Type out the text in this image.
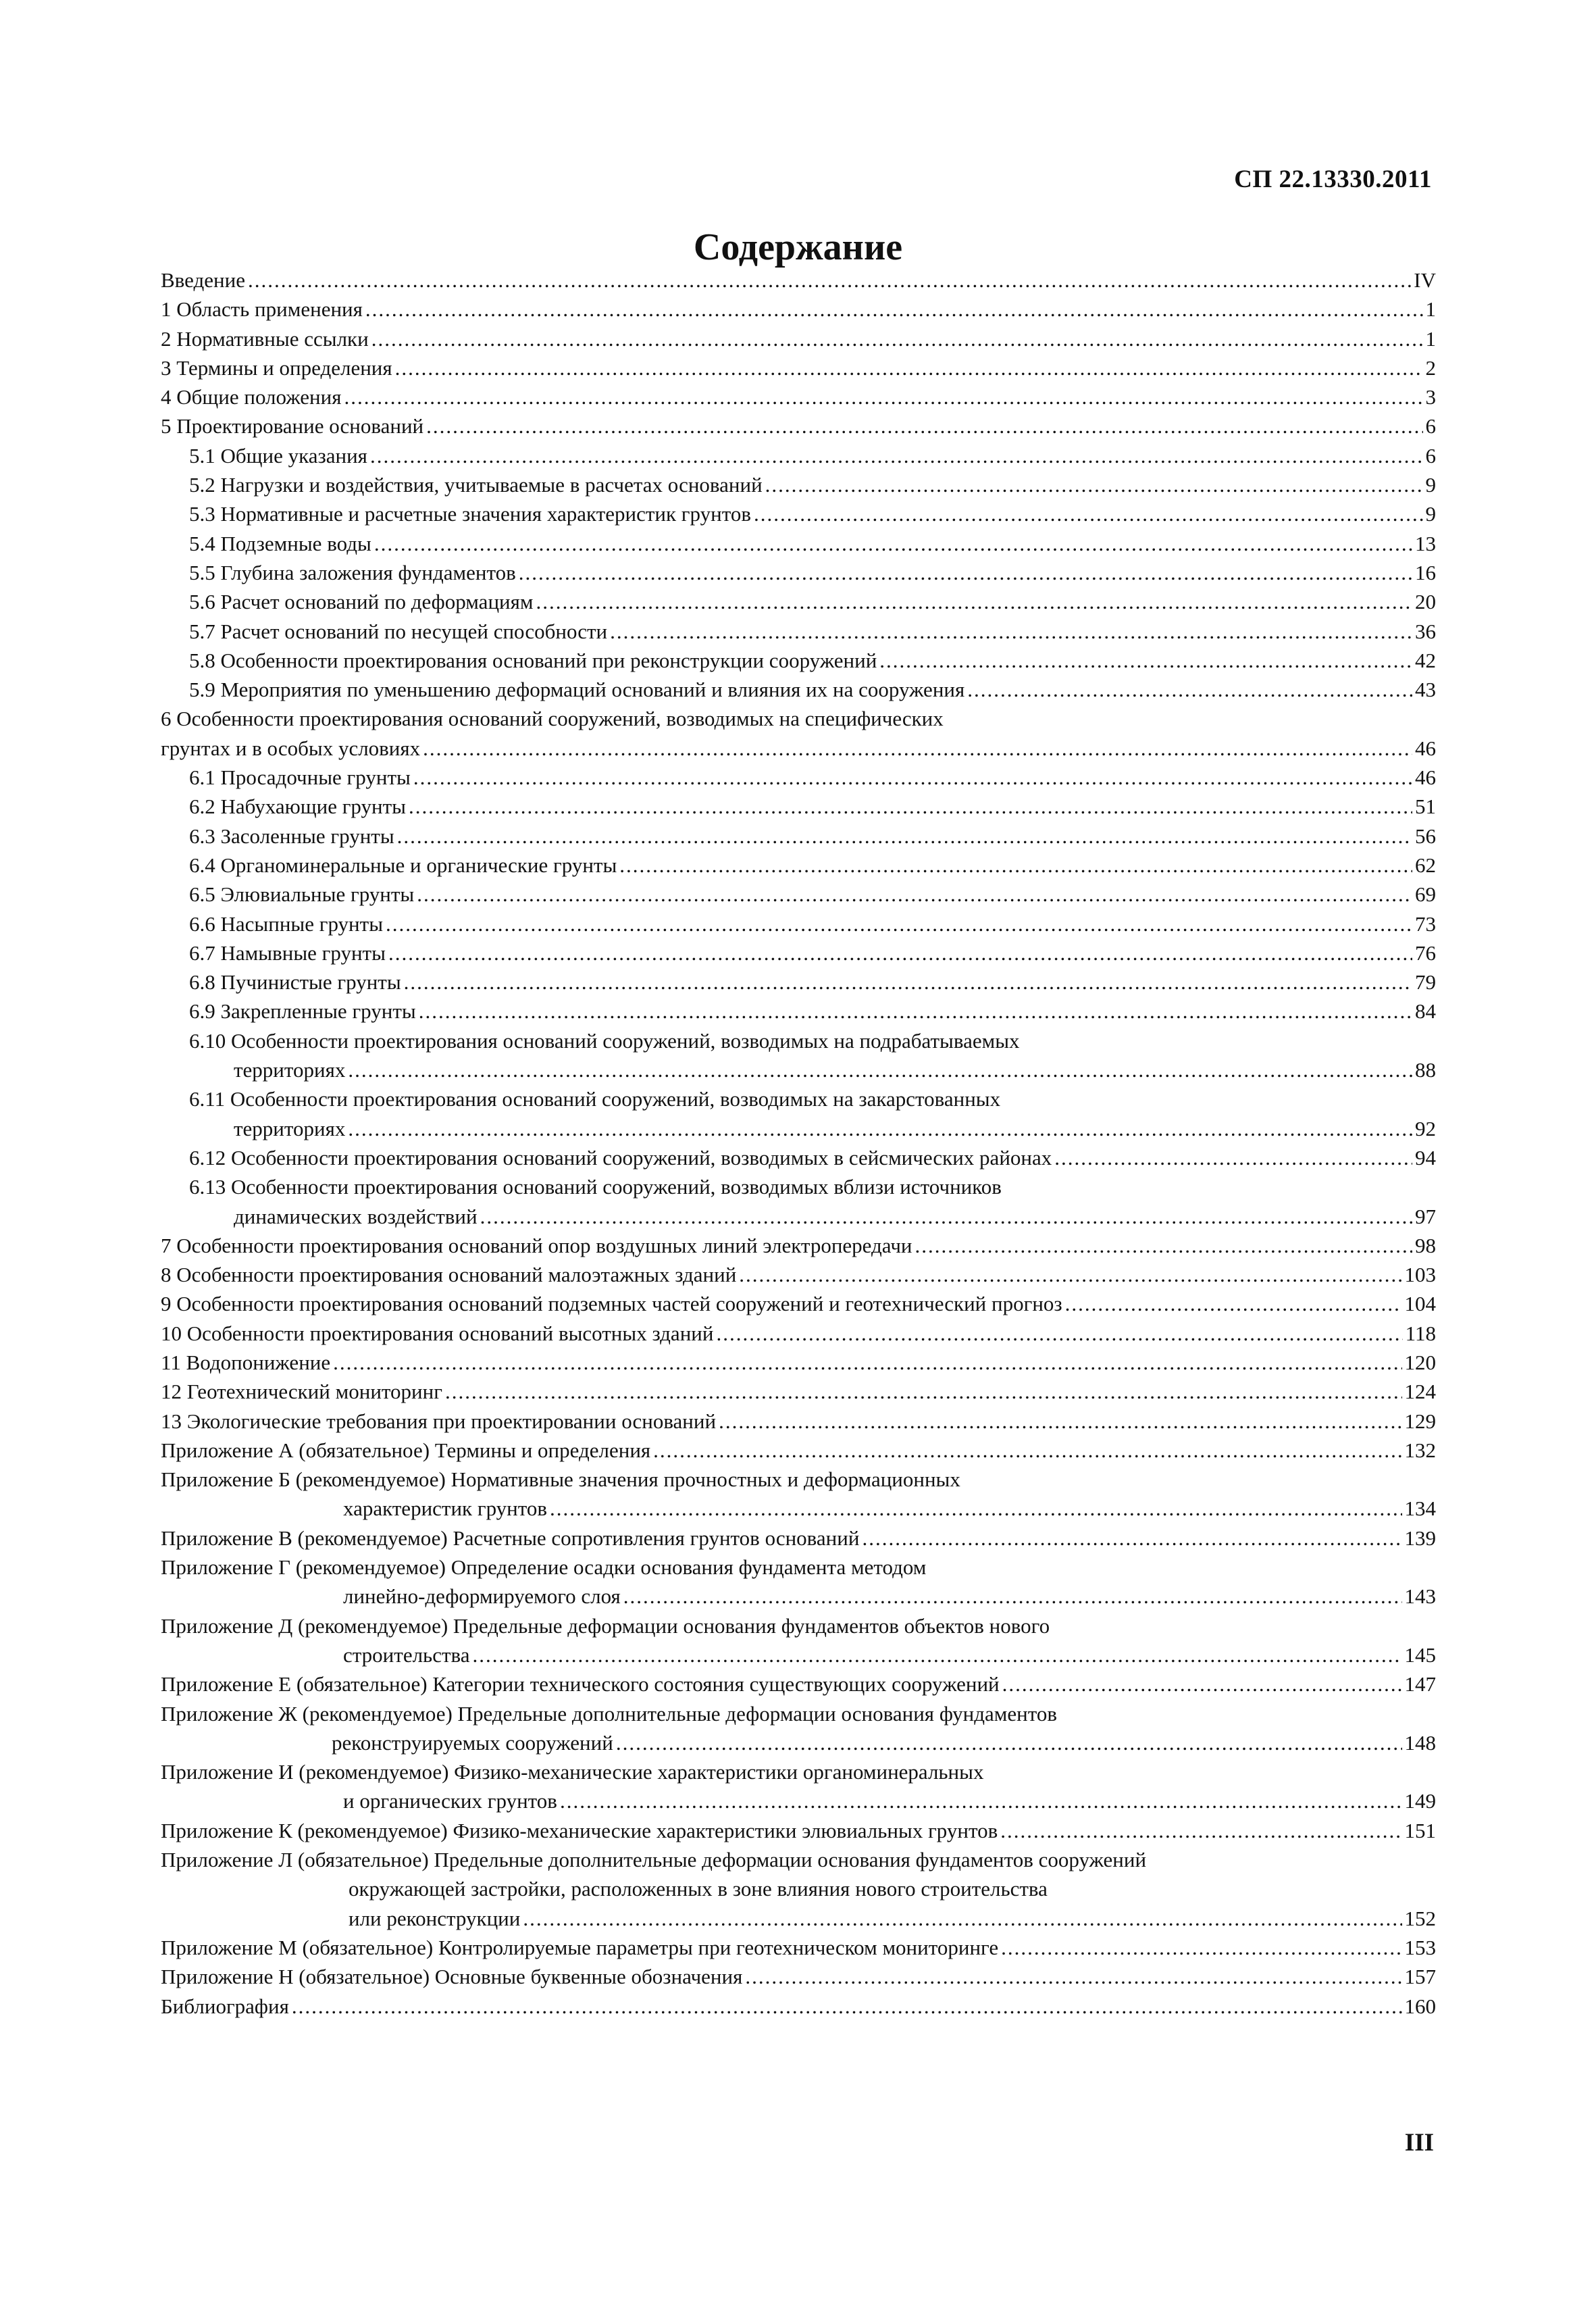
СП 22.13330.2011
Содержание
Введение .....	IV
1 Область применения .....	1
2 Нормативные ссылки .....	1
3 Термины и определения .....	2
4 Общие положения .....	3
5 Проектирование оснований .....	6
5.1 Общие указания .....	6
5.2 Нагрузки и воздействия, учитываемые в расчетах оснований .....	9
5.3 Нормативные и расчетные значения характеристик грунтов .....	9
5.4 Подземные воды .....	13
5.5 Глубина заложения фундаментов .....	16
5.6 Расчет оснований по деформациям .....	20
5.7 Расчет оснований по несущей способности .....	36
5.8 Особенности проектирования оснований при реконструкции сооружений .....	42
5.9 Мероприятия по уменьшению деформаций оснований и влияния их на сооружения .....	43
6 Особенности проектирования оснований сооружений, возводимых на специфических
грунтах и в особых условиях .....	46
6.1 Просадочные грунты .....	46
6.2 Набухающие грунты .....	51
6.3 Засоленные грунты .....	56
6.4 Органоминеральные и органические грунты .....	62
6.5 Элювиальные грунты .....	69
6.6 Насыпные грунты .....	73
6.7 Намывные грунты .....	76
6.8 Пучинистые грунты .....	79
6.9 Закрепленные грунты .....	84
6.10 Особенности проектирования оснований сооружений, возводимых на подрабатываемых
территориях .....	88
6.11 Особенности проектирования оснований сооружений, возводимых на закарстованных
территориях .....	92
6.12 Особенности проектирования оснований сооружений, возводимых в сейсмических районах .....	94
6.13 Особенности проектирования оснований сооружений, возводимых вблизи источников
динамических воздействий .....	97
7 Особенности проектирования оснований опор воздушных линий электропередачи .....	98
8 Особенности проектирования оснований малоэтажных зданий .....	103
9 Особенности проектирования оснований подземных частей сооружений и геотехнический прогноз .....	104
10 Особенности проектирования оснований высотных зданий .....	118
11 Водопонижение .....	120
12 Геотехнический мониторинг .....	124
13 Экологические требования при проектировании оснований .....	129
Приложение А (обязательное) Термины и определения .....	132
Приложение Б (рекомендуемое) Нормативные значения прочностных и деформационных
характеристик грунтов .....	134
Приложение В (рекомендуемое) Расчетные сопротивления грунтов оснований .....	139
Приложение Г (рекомендуемое) Определение осадки основания фундамента методом
линейно-деформируемого слоя .....	143
Приложение Д (рекомендуемое) Предельные деформации основания фундаментов объектов нового
строительства .....	145
Приложение Е (обязательное) Категории технического состояния существующих сооружений .....	147
Приложение Ж (рекомендуемое) Предельные дополнительные деформации основания фундаментов
реконструируемых сооружений .....	148
Приложение И (рекомендуемое) Физико-механические характеристики органоминеральных
и органических грунтов .....	149
Приложение К (рекомендуемое) Физико-механические характеристики элювиальных грунтов .....	151
Приложение Л (обязательное) Предельные дополнительные деформации основания фундаментов сооружений
окружающей застройки, расположенных в зоне влияния нового строительства
или реконструкции .....	152
Приложение М (обязательное) Контролируемые параметры при геотехническом мониторинге .....	153
Приложение Н (обязательное) Основные буквенные обозначения .....	157
Библиография .....	160
III
